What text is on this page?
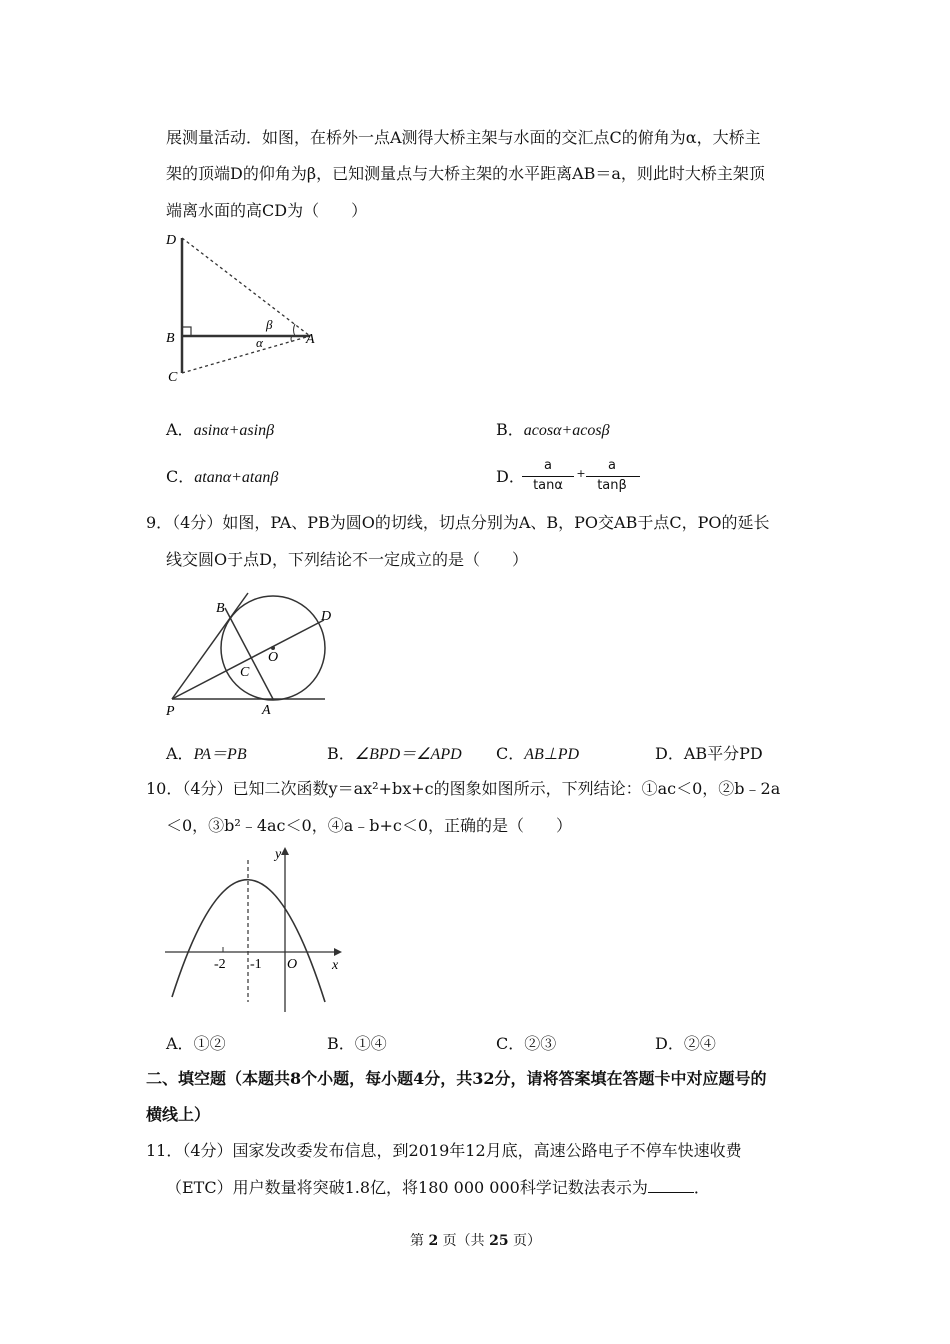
展测量活动．如图，在桥外一点A测得大桥主架与水面的交汇点C的俯角为α，大桥主
架的顶端D的仰角为β，已知测量点与大桥主架的水平距离AB＝a，则此时大桥主架顶
端离水面的高CD为（　　）
D
B
C
A
β
α
A．asinα+asinβ	B．acosα+acosβ
C．atanα+atanβ	D．
a
tanα
+
a
tanβ
9．（4分）如图，PA、PB为圆O的切线，切点分别为A、B，PO交AB于点C，PO的延长
线交圆O于点D，下列结论不一定成立的是（　　）
B
D
O
C
P	A
A．PA＝PB	B．∠BPD＝∠APD C．AB⊥PD	D．AB平分PD
10．（4分）已知二次函数y＝ax²+bx+c的图象如图所示，下列结论：①ac＜0，②b﹣2a
＜0，③b²﹣4ac＜0，④a﹣b+c＜0，正确的是（　　）
y
x
-2 -1 O
A．①②	B．①④	C．②③	D．②④
二、填空题（本题共8个小题，每小题4分，共32分，请将答案填在答题卡中对应题号的
横线上）
11．（4分）国家发改委发布信息，到2019年12月底，高速公路电子不停车快速收费
（ETC）用户数量将突破1.8亿，将180 000 000科学记数法表示为	．
第 2 页（共 25 页）
